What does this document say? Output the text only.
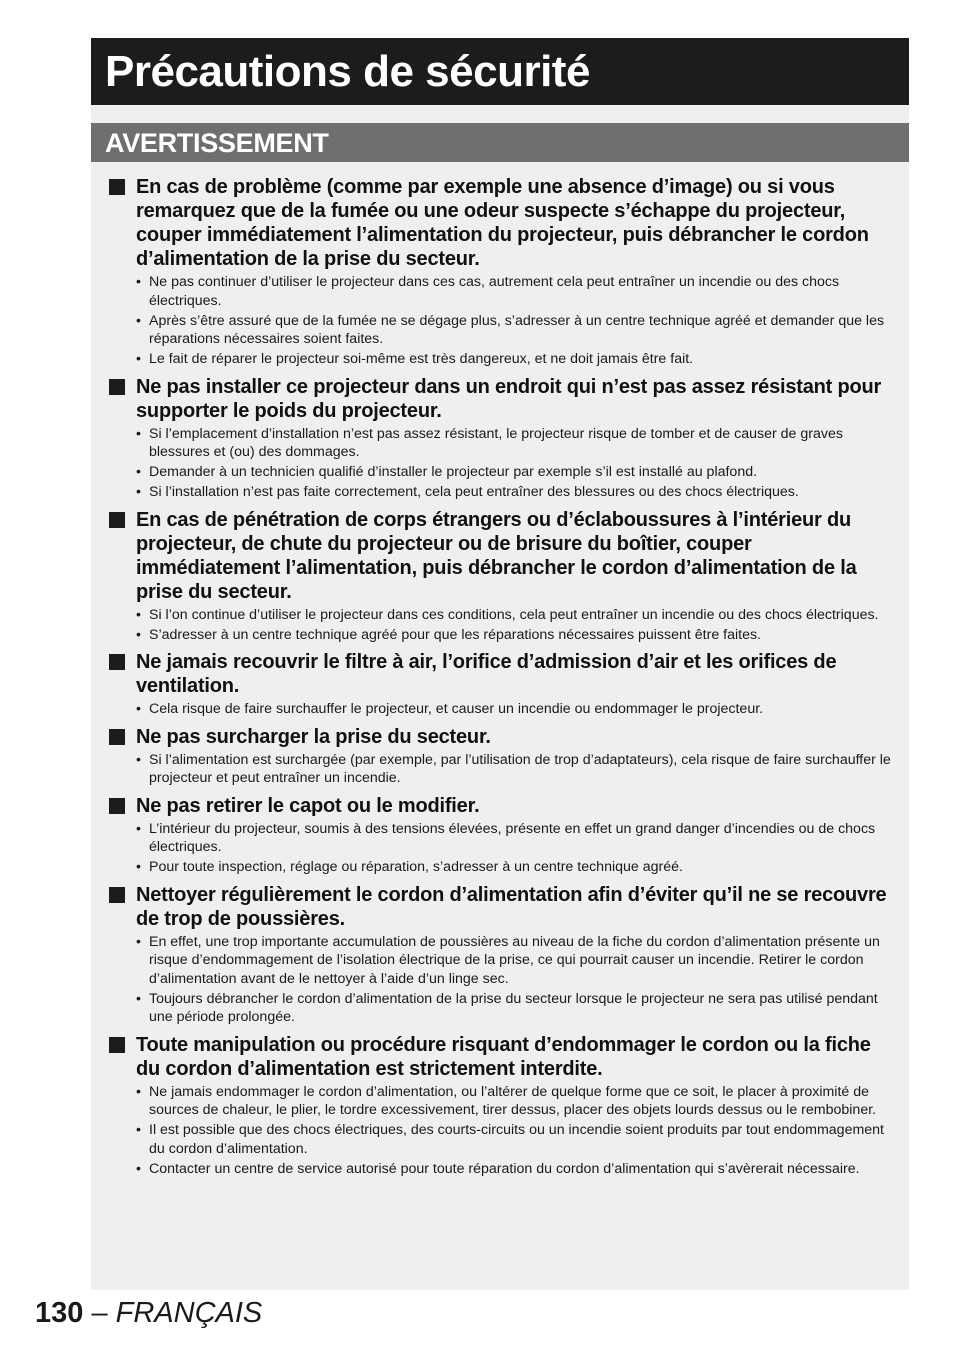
Précautions de sécurité
AVERTISSEMENT
En cas de problème (comme par exemple une absence d’image) ou si vous remarquez que de la fumée ou une odeur suspecte s’échappe du projecteur, couper immédiatement l’alimentation du projecteur, puis débrancher le cordon d’alimentation de la prise du secteur.
• Ne pas continuer d’utiliser le projecteur dans ces cas, autrement cela peut entraîner un incendie ou des chocs électriques.
• Après s’être assuré que de la fumée ne se dégage plus, s’adresser à un centre technique agréé et demander que les réparations nécessaires soient faites.
• Le fait de réparer le projecteur soi-même est très dangereux, et ne doit jamais être fait.
Ne pas installer ce projecteur dans un endroit qui n’est pas assez résistant pour supporter le poids du projecteur.
• Si l’emplacement d’installation n’est pas assez résistant, le projecteur risque de tomber et de causer de graves blessures et (ou) des dommages.
• Demander à un technicien qualifié d’installer le projecteur par exemple s’il est installé au plafond.
• Si l’installation n’est pas faite correctement, cela peut entraîner des blessures ou des chocs électriques.
En cas de pénétration de corps étrangers ou d’éclaboussures à l’intérieur du projecteur, de chute du projecteur ou de brisure du boîtier, couper immédiatement l’alimentation, puis débrancher le cordon d’alimentation de la prise du secteur.
• Si l’on continue d’utiliser le projecteur dans ces conditions, cela peut entraîner un incendie ou des chocs électriques.
• S’adresser à un centre technique agréé pour que les réparations nécessaires puissent être faites.
Ne jamais recouvrir le filtre à air, l’orifice d’admission d’air et les orifices de ventilation.
• Cela risque de faire surchauffer le projecteur, et causer un incendie ou endommager le projecteur.
Ne pas surcharger la prise du secteur.
• Si l’alimentation est surchargée (par exemple, par l’utilisation de trop d’adaptateurs), cela risque de faire surchauffer le projecteur et peut entraîner un incendie.
Ne pas retirer le capot ou le modifier.
• L’intérieur du projecteur, soumis à des tensions élevées, présente en effet un grand danger d’incendies ou de chocs électriques.
• Pour toute inspection, réglage ou réparation, s’adresser à un centre technique agréé.
Nettoyer régulièrement le cordon d’alimentation afin d’éviter qu’il ne se recouvre de trop de poussières.
• En effet, une trop importante accumulation de poussières au niveau de la fiche du cordon d’alimentation présente un risque d’endommagement de l’isolation électrique de la prise, ce qui pourrait causer un incendie. Retirer le cordon d’alimentation avant de le nettoyer à l’aide d’un linge sec.
• Toujours débrancher le cordon d’alimentation de la prise du secteur lorsque le projecteur ne sera pas utilisé pendant une période prolongée.
Toute manipulation ou procédure risquant d’endommager le cordon ou la fiche du cordon d’alimentation est strictement interdite.
• Ne jamais endommager le cordon d’alimentation, ou l’altérer de quelque forme que ce soit, le placer à proximité de sources de chaleur, le plier, le tordre excessivement, tirer dessus, placer des objets lourds dessus ou le rembobiner.
• Il est possible que des chocs électriques, des courts-circuits ou un incendie soient produits par tout endommagement du cordon d’alimentation.
• Contacter un centre de service autorisé pour toute réparation du cordon d’alimentation qui s’avèrerait nécessaire.
130 – FRANÇAIS
